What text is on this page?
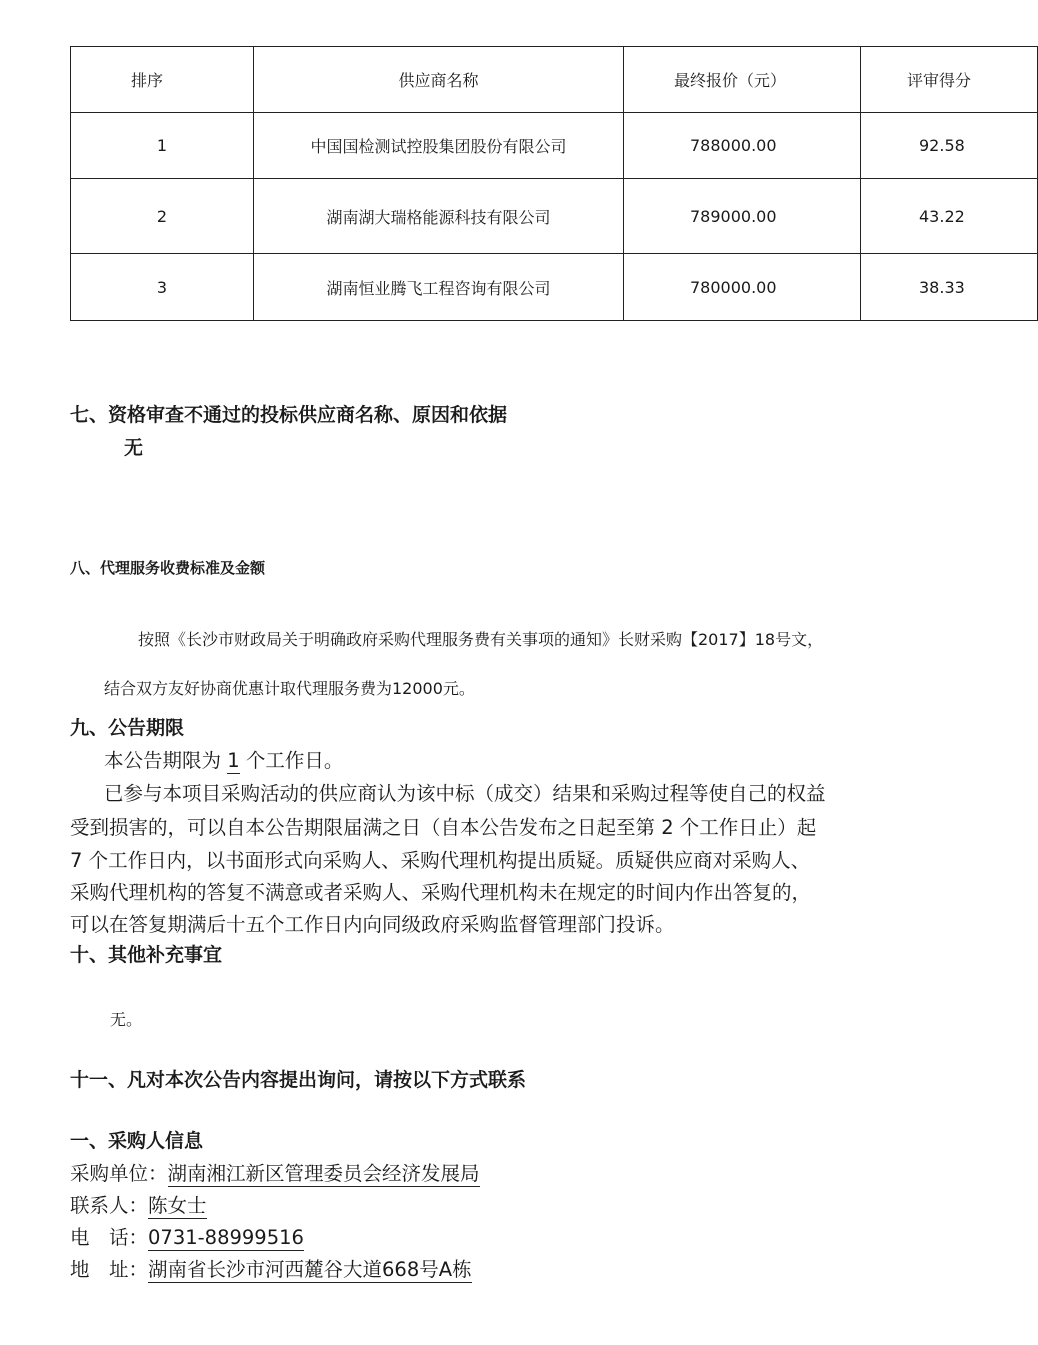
排序	供应商名称	最终报价（元）	评审得分
1	中国国检测试控股集团股份有限公司	788000.00	92.58
2	湖南湖大瑞格能源科技有限公司	789000.00	43.22
3	湖南恒业腾飞工程咨询有限公司	780000.00	38.33
七、资格审查不通过的投标供应商名称、原因和依据
无
八、代理服务收费标准及金额
按照《长沙市财政局关于明确政府采购代理服务费有关事项的通知》长财采购【2017】18号文，
结合双方友好协商优惠计取代理服务费为12000元。
九、公告期限
本公告期限为 1 个工作日。
已参与本项目采购活动的供应商认为该中标（成交）结果和采购过程等使自己的权益
受到损害的，可以自本公告期限届满之日（自本公告发布之日起至第 2 个工作日止）起
7 个工作日内，以书面形式向采购人、采购代理机构提出质疑。质疑供应商对采购人、
采购代理机构的答复不满意或者采购人、采购代理机构未在规定的时间内作出答复的，
可以在答复期满后十五个工作日内向同级政府采购监督管理部门投诉。
十、其他补充事宜
无。
十一、凡对本次公告内容提出询问，请按以下方式联系
一、采购人信息
采购单位：湖南湘江新区管理委员会经济发展局
联系人：陈女士
电　话：0731-88999516
地　址：湖南省长沙市河西麓谷大道668号A栋
